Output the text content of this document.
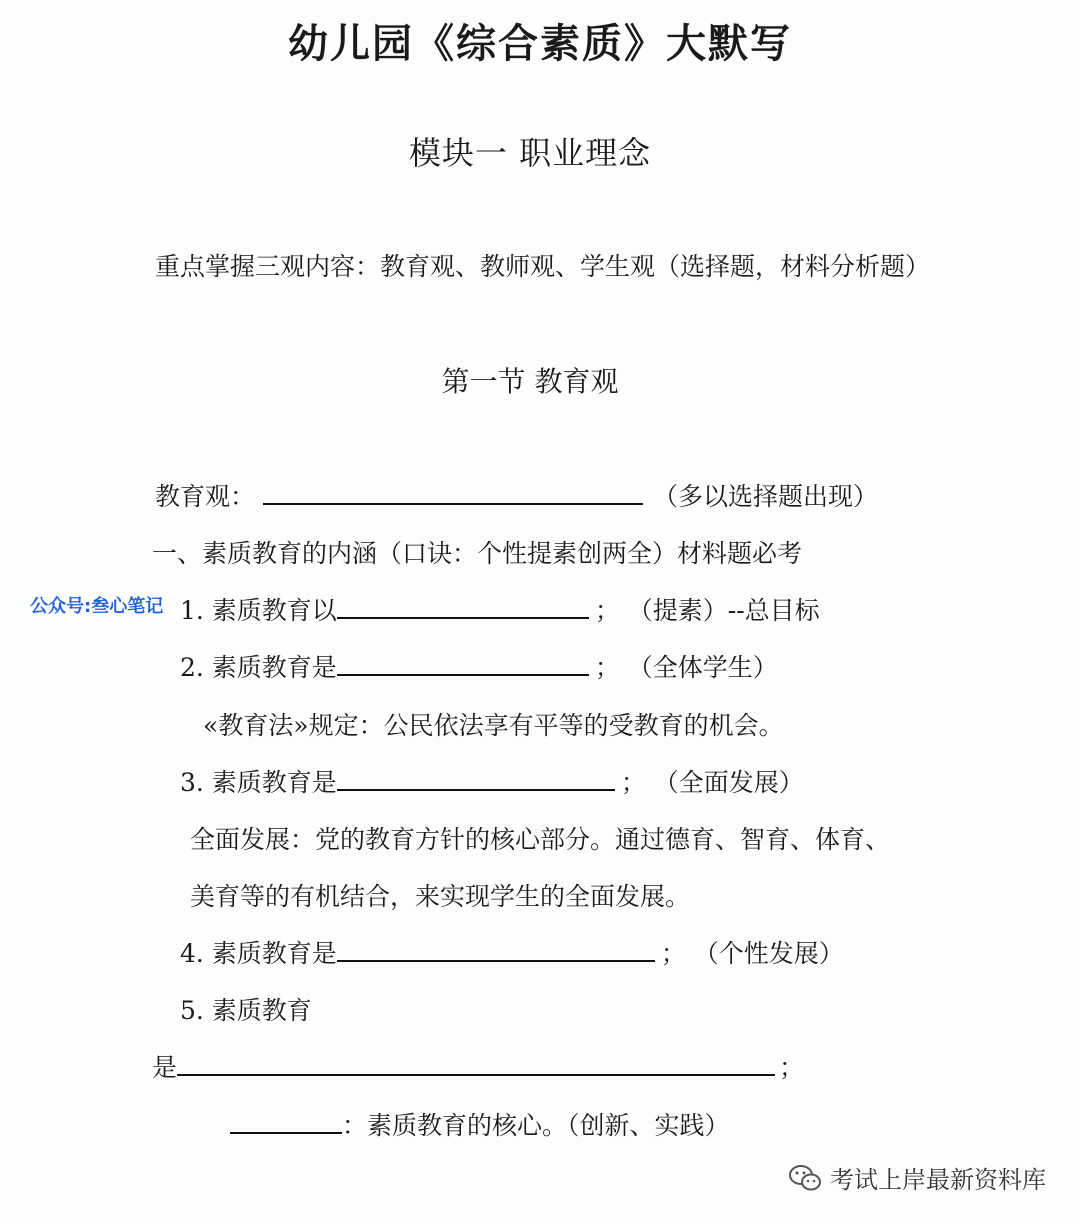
幼儿园《综合素质》大默写
模块一 职业理念
重点掌握三观内容：教育观、教师观、学生观（选择题，材料分析题）
第一节 教育观
教育观：	（多以选择题出现）
一、素质教育的内涵（口诀：个性提素创两全）材料题必考
公众号:叁心笔记 1. 素质教育以	； （提素）--总目标
2. 素质教育是	； （全体学生）
«教育法»规定：公民依法享有平等的受教育的机会。
3. 素质教育是	； （全面发展）
全面发展：党的教育方针的核心部分。通过德育、智育、体育、
美育等的有机结合，来实现学生的全面发展。
4. 素质教育是	； （个性发展）
5. 素质教育
是	；
：素质教育的核心。（创新、实践）
考试上岸最新资料库
